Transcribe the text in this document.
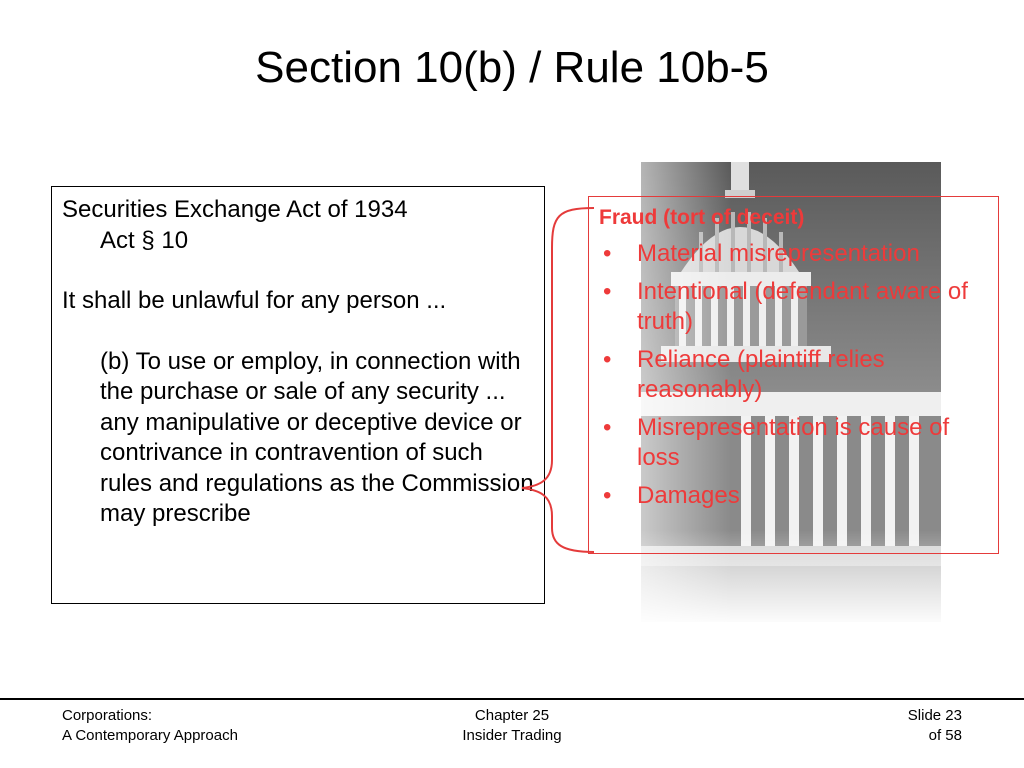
Section 10(b) / Rule 10b-5

Securities Exchange Act of 1934

Act § 10

It shall be unlawful for any person ...

(b) To use or employ, in connection with the purchase or sale of any security ... any manipulative or deceptive device or contrivance in contravention of such rules and regulations as the Commission may prescribe

Fraud (tort of deceit)

• Material misrepresentation
• Intentional (defendant aware of truth)
• Reliance (plaintiff relies reasonably)
• Misrepresentation is cause of loss
• Damages
Corporations:
A Contemporary Approach
Chapter 25
Insider Trading
Slide 23
of 58
